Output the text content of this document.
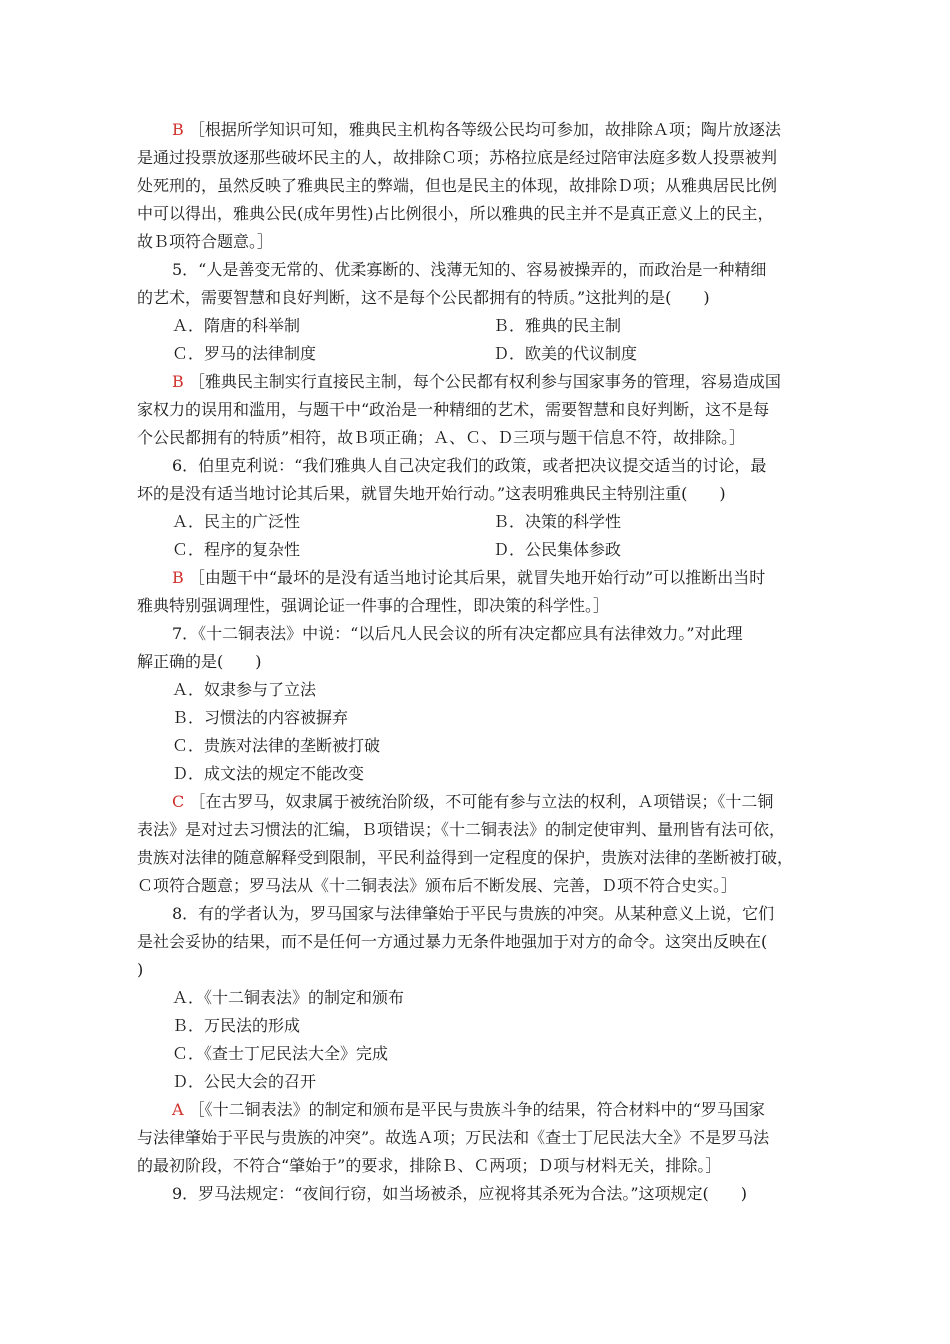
B ［根据所学知识可知，雅典民主机构各等级公民均可参加，故排除Ａ项；陶片放逐法
是通过投票放逐那些破坏民主的人，故排除Ｃ项；苏格拉底是经过陪审法庭多数人投票被判
处死刑的，虽然反映了雅典民主的弊端，但也是民主的体现，故排除Ｄ项；从雅典居民比例
中可以得出，雅典公民(成年男性)占比例很小，所以雅典的民主并不是真正意义上的民主，
故Ｂ项符合题意。］
5．“人是善变无常的、优柔寡断的、浅薄无知的、容易被操弄的，而政治是一种精细
的艺术，需要智慧和良好判断，这不是每个公民都拥有的特质。”这批判的是(　　)
Ａ．隋唐的科举制	Ｂ．雅典的民主制
Ｃ．罗马的法律制度	Ｄ．欧美的代议制度
B ［雅典民主制实行直接民主制，每个公民都有权利参与国家事务的管理，容易造成国
家权力的误用和滥用，与题干中“政治是一种精细的艺术，需要智慧和良好判断，这不是每
个公民都拥有的特质”相符，故Ｂ项正确；Ａ、Ｃ、Ｄ三项与题干信息不符，故排除。］
6．伯里克利说：“我们雅典人自己决定我们的政策，或者把决议提交适当的讨论，最
坏的是没有适当地讨论其后果，就冒失地开始行动。”这表明雅典民主特别注重(　　)
Ａ．民主的广泛性	Ｂ．决策的科学性
Ｃ．程序的复杂性	Ｄ．公民集体参政
B ［由题干中“最坏的是没有适当地讨论其后果，就冒失地开始行动”可以推断出当时
雅典特别强调理性，强调论证一件事的合理性，即决策的科学性。］
7．《十二铜表法》中说：“以后凡人民会议的所有决定都应具有法律效力。”对此理
解正确的是(　　)
Ａ．奴隶参与了立法
Ｂ．习惯法的内容被摒弃
Ｃ．贵族对法律的垄断被打破
Ｄ．成文法的规定不能改变
C ［在古罗马，奴隶属于被统治阶级，不可能有参与立法的权利，Ａ项错误；《十二铜
表法》是对过去习惯法的汇编，Ｂ项错误；《十二铜表法》的制定使审判、量刑皆有法可依，
贵族对法律的随意解释受到限制，平民利益得到一定程度的保护，贵族对法律的垄断被打破，
Ｃ项符合题意；罗马法从《十二铜表法》颁布后不断发展、完善，Ｄ项不符合史实。］
8．有的学者认为，罗马国家与法律肇始于平民与贵族的冲突。从某种意义上说，它们
是社会妥协的结果，而不是任何一方通过暴力无条件地强加于对方的命令。这突出反映在(
)
Ａ．《十二铜表法》的制定和颁布
Ｂ．万民法的形成
Ｃ．《查士丁尼民法大全》完成
Ｄ．公民大会的召开
A ［《十二铜表法》的制定和颁布是平民与贵族斗争的结果，符合材料中的“罗马国家
与法律肇始于平民与贵族的冲突”。故选Ａ项；万民法和《查士丁尼民法大全》不是罗马法
的最初阶段，不符合“肇始于”的要求，排除Ｂ、Ｃ两项；Ｄ项与材料无关，排除。］
9．罗马法规定：“夜间行窃，如当场被杀，应视将其杀死为合法。”这项规定(　　)
